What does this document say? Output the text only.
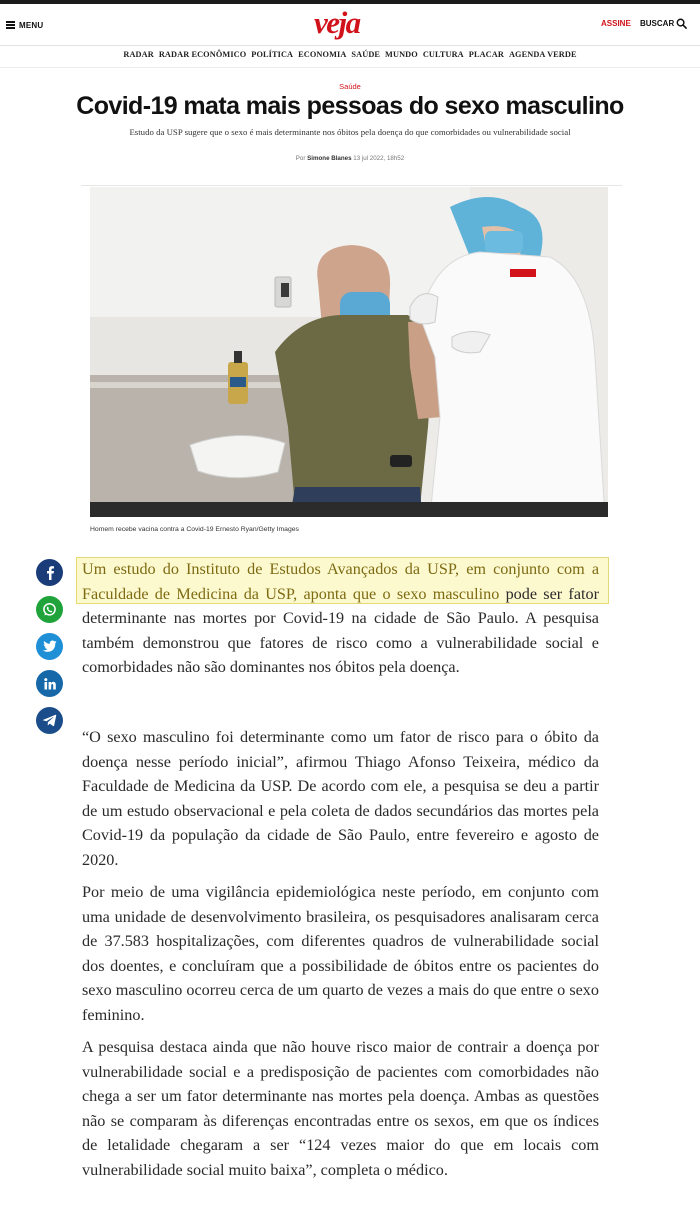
MENU	veja	ASSINE BUSCAR
RADAR RADAR ECONÔMICO POLÍTICA ECONOMIA SAÚDE MUNDO CULTURA PLACAR AGENDA VERDE
Saúde
Covid-19 mata mais pessoas do sexo masculino

Estudo da USP sugere que o sexo é mais determinante nos óbitos pela doença do que comorbidades ou vulnerabilidade social

Por Simone Blanes 13 jul 2022, 18h52
Homem recebe vacina contra a Covid-19 Ernesto Ryan/Getty Images

Um estudo do Instituto de Estudos Avançados da USP, em conjunto com a Faculdade de Medicina da USP, aponta que o sexo masculino pode ser fator determinante nas mortes por Covid-19 na cidade de São Paulo. A pesquisa também demonstrou que fatores de risco como a vulnerabilidade social e comorbidades não são dominantes nos óbitos pela doença.

“O sexo masculino foi determinante como um fator de risco para o óbito da doença nesse período inicial”, afirmou Thiago Afonso Teixeira, médico da Faculdade de Medicina da USP. De acordo com ele, a pesquisa se deu a partir de um estudo observacional e pela coleta de dados secundários das mortes pela Covid-19 da população da cidade de São Paulo, entre fevereiro e agosto de 2020.

Por meio de uma vigilância epidemiológica neste período, em conjunto com uma unidade de desenvolvimento brasileira, os pesquisadores analisaram cerca de 37.583 hospitalizações, com diferentes quadros de vulnerabilidade social dos doentes, e concluíram que a possibilidade de óbitos entre os pacientes do sexo masculino ocorreu cerca de um quarto de vezes a mais do que entre o sexo feminino.

A pesquisa destaca ainda que não houve risco maior de contrair a doença por vulnerabilidade social e a predisposição de pacientes com comorbidades não chega a ser um fator determinante nas mortes pela doença. Ambas as questões não se comparam às diferenças encontradas entre os sexos, em que os índices de letalidade chegaram a ser “124 vezes maior do que em locais com vulnerabilidade social muito baixa”, completa o médico.
